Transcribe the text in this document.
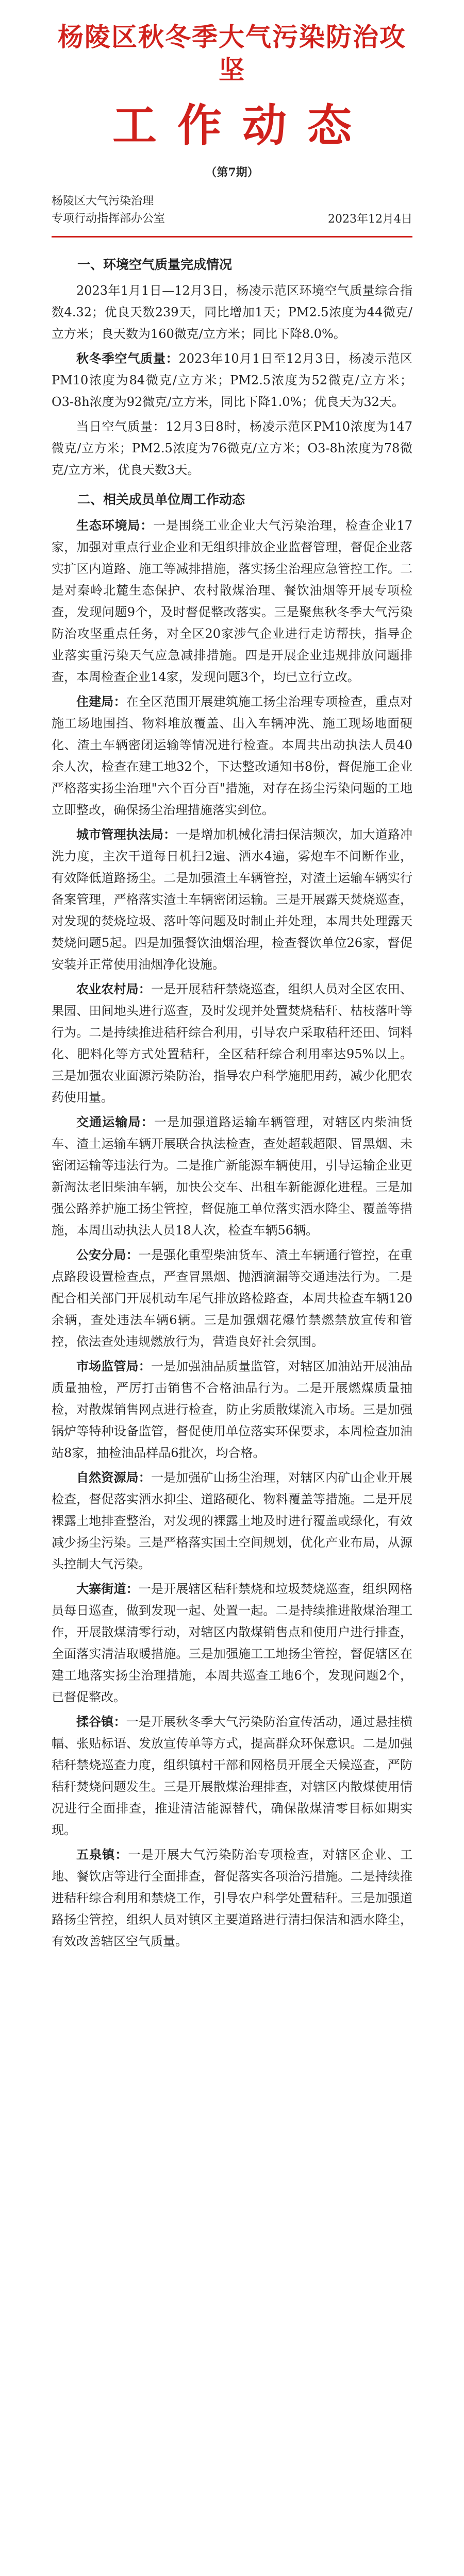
杨陵区秋冬季大气污染防治攻坚
工作动态
（第7期）
杨陵区大气污染治理
专项行动指挥部办公室	2023年12月4日
一、环境空气质量完成情况

2023年1月1日—12月3日，杨凌示范区环境空气质量综合指数4.32；优良天数239天，同比增加1天；PM2.5浓度为44微克/立方米；良天数为160微克/立方米；同比下降8.0%。

秋冬季空气质量：2023年10月1日至12月3日，杨凌示范区PM10浓度为84微克/立方米；PM2.5浓度为52微克/立方米；O3-8h浓度为92微克/立方米，同比下降1.0%；优良天为32天。

当日空气质量：12月3日8时，杨凌示范区PM10浓度为147微克/立方米；PM2.5浓度为76微克/立方米；O3-8h浓度为78微克/立方米，优良天数3天。

二、相关成员单位周工作动态

生态环境局：一是围绕工业企业大气污染治理，检查企业17家，加强对重点行业企业和无组织排放企业监督管理，督促企业落实扩区内道路、施工等减排措施，落实扬尘治理应急管控工作。二是对秦岭北麓生态保护、农村散煤治理、餐饮油烟等开展专项检查，发现问题9个，及时督促整改落实。三是聚焦秋冬季大气污染防治攻坚重点任务，对全区20家涉气企业进行走访帮扶，指导企业落实重污染天气应急减排措施。四是开展企业违规排放问题排查，本周检查企业14家，发现问题3个，均已立行立改。

住建局：在全区范围开展建筑施工扬尘治理专项检查，重点对施工场地围挡、物料堆放覆盖、出入车辆冲洗、施工现场地面硬化、渣土车辆密闭运输等情况进行检查。本周共出动执法人员40余人次，检查在建工地32个，下达整改通知书8份，督促施工企业严格落实扬尘治理"六个百分百"措施，对存在扬尘污染问题的工地立即整改，确保扬尘治理措施落实到位。

城市管理执法局：一是增加机械化清扫保洁频次，加大道路冲洗力度，主次干道每日机扫2遍、洒水4遍，雾炮车不间断作业，有效降低道路扬尘。二是加强渣土车辆管控，对渣土运输车辆实行备案管理，严格落实渣土车辆密闭运输。三是开展露天焚烧巡查，对发现的焚烧垃圾、落叶等问题及时制止并处理，本周共处理露天焚烧问题5起。四是加强餐饮油烟治理，检查餐饮单位26家，督促安装并正常使用油烟净化设施。

农业农村局：一是开展秸秆禁烧巡查，组织人员对全区农田、果园、田间地头进行巡查，及时发现并处置焚烧秸秆、枯枝落叶等行为。二是持续推进秸秆综合利用，引导农户采取秸秆还田、饲料化、肥料化等方式处置秸秆，全区秸秆综合利用率达95%以上。三是加强农业面源污染防治，指导农户科学施肥用药，减少化肥农药使用量。

交通运输局：一是加强道路运输车辆管理，对辖区内柴油货车、渣土运输车辆开展联合执法检查，查处超载超限、冒黑烟、未密闭运输等违法行为。二是推广新能源车辆使用，引导运输企业更新淘汰老旧柴油车辆，加快公交车、出租车新能源化进程。三是加强公路养护施工扬尘管控，督促施工单位落实洒水降尘、覆盖等措施，本周出动执法人员18人次，检查车辆56辆。

公安分局：一是强化重型柴油货车、渣土车辆通行管控，在重点路段设置检查点，严查冒黑烟、抛洒滴漏等交通违法行为。二是配合相关部门开展机动车尾气排放路检路查，本周共检查车辆120余辆，查处违法车辆6辆。三是加强烟花爆竹禁燃禁放宣传和管控，依法查处违规燃放行为，营造良好社会氛围。

市场监管局：一是加强油品质量监管，对辖区加油站开展油品质量抽检，严厉打击销售不合格油品行为。二是开展燃煤质量抽检，对散煤销售网点进行检查，防止劣质散煤流入市场。三是加强锅炉等特种设备监管，督促使用单位落实环保要求，本周检查加油站8家，抽检油品样品6批次，均合格。

自然资源局：一是加强矿山扬尘治理，对辖区内矿山企业开展检查，督促落实洒水抑尘、道路硬化、物料覆盖等措施。二是开展裸露土地排查整治，对发现的裸露土地及时进行覆盖或绿化，有效减少扬尘污染。三是严格落实国土空间规划，优化产业布局，从源头控制大气污染。

大寨街道：一是开展辖区秸秆禁烧和垃圾焚烧巡查，组织网格员每日巡查，做到发现一起、处置一起。二是持续推进散煤治理工作，开展散煤清零行动，对辖区内散煤销售点和使用户进行排查，全面落实清洁取暖措施。三是加强施工工地扬尘管控，督促辖区在建工地落实扬尘治理措施，本周共巡查工地6个，发现问题2个，已督促整改。

揉谷镇：一是开展秋冬季大气污染防治宣传活动，通过悬挂横幅、张贴标语、发放宣传单等方式，提高群众环保意识。二是加强秸秆禁烧巡查力度，组织镇村干部和网格员开展全天候巡查，严防秸秆焚烧问题发生。三是开展散煤治理排查，对辖区内散煤使用情况进行全面排查，推进清洁能源替代，确保散煤清零目标如期实现。

五泉镇：一是开展大气污染防治专项检查，对辖区企业、工地、餐饮店等进行全面排查，督促落实各项治污措施。二是持续推进秸秆综合利用和禁烧工作，引导农户科学处置秸秆。三是加强道路扬尘管控，组织人员对镇区主要道路进行清扫保洁和洒水降尘，有效改善辖区空气质量。
